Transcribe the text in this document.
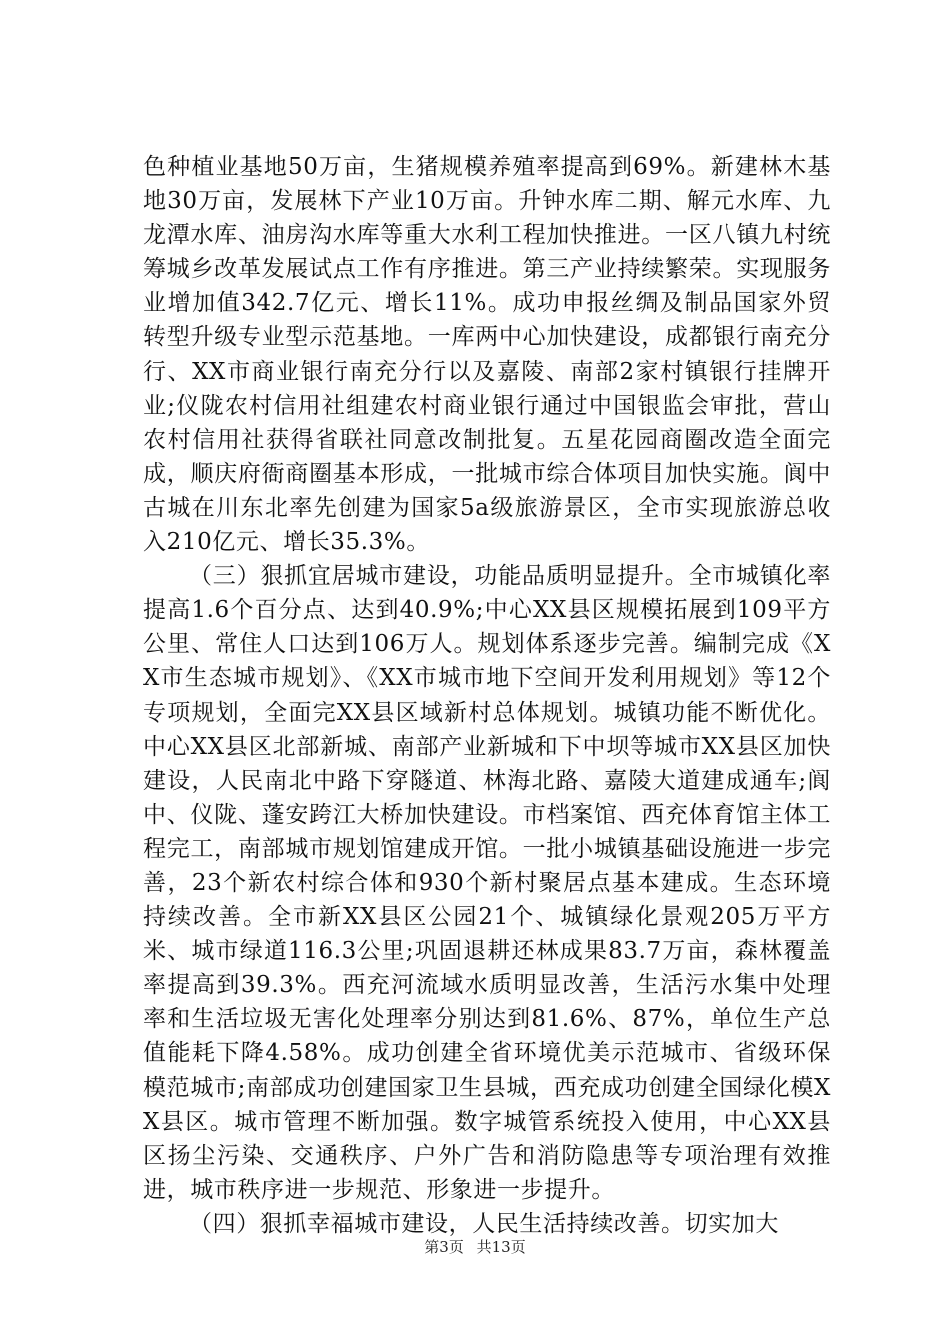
色种植业基地50万亩，生猪规模养殖率提高到69%。新建林木基地30万亩，发展林下产业10万亩。升钟水库二期、解元水库、九龙潭水库、油房沟水库等重大水利工程加快推进。一区八镇九村统筹城乡改革发展试点工作有序推进。第三产业持续繁荣。实现服务业增加值342.7亿元、增长11%。成功申报丝绸及制品国家外贸转型升级专业型示范基地。一库两中心加快建设，成都银行南充分行、XX市商业银行南充分行以及嘉陵、南部2家村镇银行挂牌开业;仪陇农村信用社组建农村商业银行通过中国银监会审批，营山农村信用社获得省联社同意改制批复。五星花园商圈改造全面完成，顺庆府衙商圈基本形成，一批城市综合体项目加快实施。阆中古城在川东北率先创建为国家5a级旅游景区，全市实现旅游总收入210亿元、增长35.3%。

（三）狠抓宜居城市建设，功能品质明显提升。全市城镇化率提高1.6个百分点、达到40.9%;中心XX县区规模拓展到109平方公里、常住人口达到106万人。规划体系逐步完善。编制完成《XX市生态城市规划》、《XX市城市地下空间开发利用规划》等12个专项规划，全面完XX县区域新村总体规划。城镇功能不断优化。中心XX县区北部新城、南部产业新城和下中坝等城市XX县区加快建设，人民南北中路下穿隧道、林海北路、嘉陵大道建成通车;阆中、仪陇、蓬安跨江大桥加快建设。市档案馆、西充体育馆主体工程完工，南部城市规划馆建成开馆。一批小城镇基础设施进一步完善，23个新农村综合体和930个新村聚居点基本建成。生态环境持续改善。全市新XX县区公园21个、城镇绿化景观205万平方米、城市绿道116.3公里;巩固退耕还林成果83.7万亩，森林覆盖率提高到39.3%。西充河流域水质明显改善，生活污水集中处理率和生活垃圾无害化处理率分别达到81.6%、87%，单位生产总值能耗下降4.58%。成功创建全省环境优美示范城市、省级环保模范城市;南部成功创建国家卫生县城，西充成功创建全国绿化模XX县区。城市管理不断加强。数字城管系统投入使用，中心XX县区扬尘污染、交通秩序、户外广告和消防隐患等专项治理有效推进，城市秩序进一步规范、形象进一步提升。

（四）狠抓幸福城市建设，人民生活持续改善。切实加大

第3页 共13页
